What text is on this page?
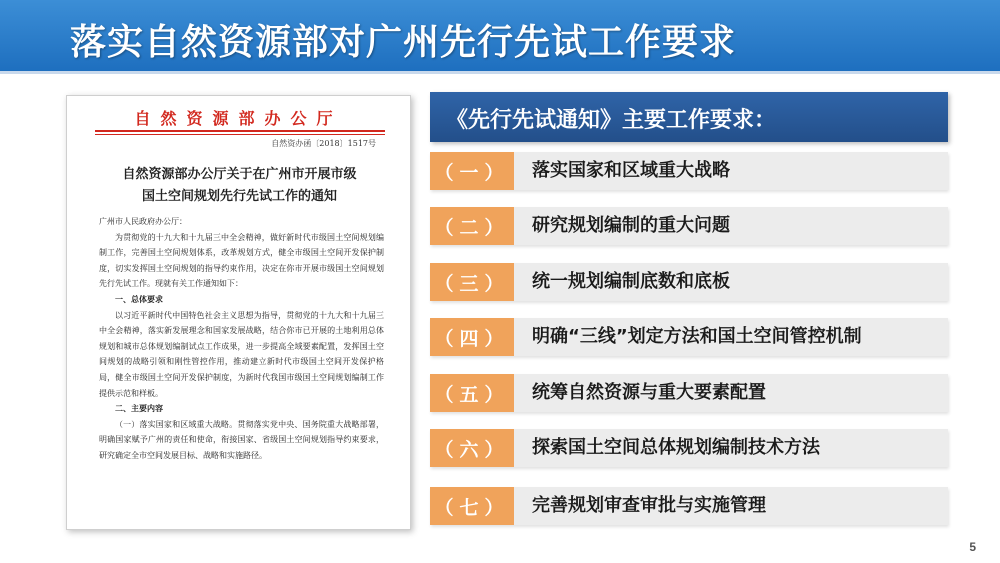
落实自然资源部对广州先行先试工作要求
自然资源部办公厅
自然资办函〔2018〕1517号
自然资源部办公厅关于在广州市开展市级
国土空间规划先行先试工作的通知

广州市人民政府办公厅：

为贯彻党的十九大和十九届三中全会精神，做好新时代市级国土空间规划编制工作，完善国土空间规划体系，改革规划方式，健全市级国土空间开发保护制度，切实发挥国土空间规划的指导约束作用，决定在你市开展市级国土空间规划先行先试工作。现就有关工作通知如下：

一、总体要求

以习近平新时代中国特色社会主义思想为指导，贯彻党的十九大和十九届三中全会精神，落实新发展理念和国家发展战略，结合你市已开展的土地利用总体规划和城市总体规划编制试点工作成果，进一步提高全域要素配置，发挥国土空间规划的战略引领和刚性管控作用，推动建立新时代市级国土空间开发保护格局，健全市级国土空间开发保护制度，为新时代我国市级国土空间规划编制工作提供示范和样板。

二、主要内容

（一）落实国家和区域重大战略。贯彻落实党中央、国务院重大战略部署，明确国家赋予广州的责任和使命，衔接国家、省级国土空间规划指导约束要求，研究确定全市空间发展目标、战略和实施路径。

《先行先试通知》主要工作要求：
（一） 落实国家和区域重大战略
（二） 研究规划编制的重大问题
（三） 统一规划编制底数和底板
（四） 明确“三线”划定方法和国土空间管控机制
（五） 统筹自然资源与重大要素配置
（六） 探索国土空间总体规划编制技术方法
（七） 完善规划审查审批与实施管理
5
